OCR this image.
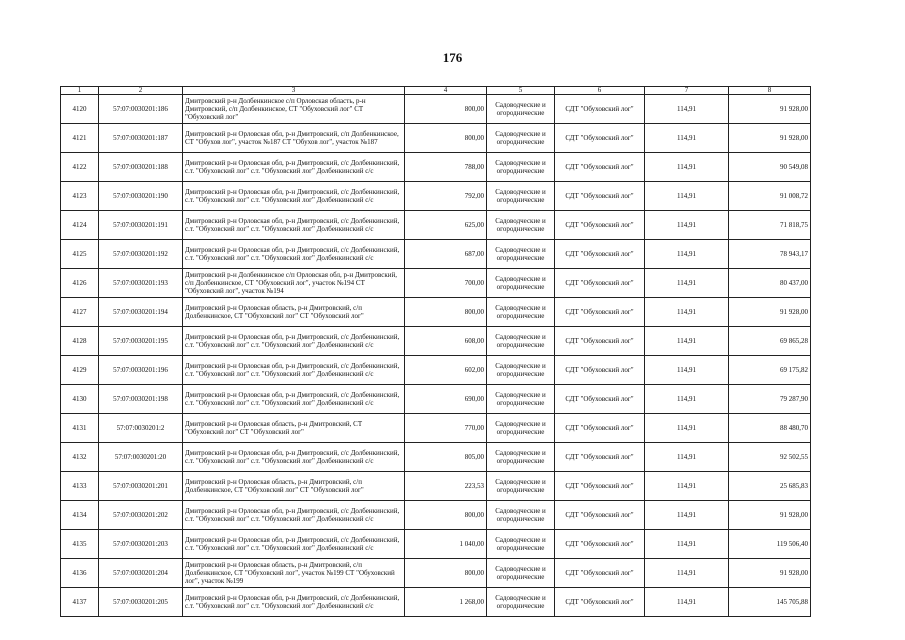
176
1	2	3	4	5	6	7	8
4120	57:07:0030201:186	Дмитровский р-н Долбенкинское с/п Орловская область, р-н Дмитровский, с/п Долбенкинское, СТ "Обуховский лог" СТ "Обуховский лог"	800,00	Садоводческие и огороднические	СДТ "Обуховский лог"	114,91	91 928,00
4121	57:07:0030201:187	Дмитровский р-н Орловская обл, р-н Дмитровский, с/п Долбенкинское, СТ "Обухов лог", участок №187 СТ "Обухов лог", участок №187	800,00	Садоводческие и огороднические	СДТ "Обуховский лог"	114,91	91 928,00
4122	57:07:0030201:188	Дмитровский р-н Орловская обл, р-н Дмитровский, с/с Долбенкинский, с.т. "Обуховский лог" с.т. "Обуховский лог" Долбенкинский с/с	788,00	Садоводческие и огороднические	СДТ "Обуховский лог"	114,91	90 549,08
4123	57:07:0030201:190	Дмитровский р-н Орловская обл, р-н Дмитровский, с/с Долбенкинский, с.т. "Обуховский лог" с.т. "Обуховский лог" Долбенкинский с/с	792,00	Садоводческие и огороднические	СДТ "Обуховский лог"	114,91	91 008,72
4124	57:07:0030201:191	Дмитровский р-н Орловская обл, р-н Дмитровский, с/с Долбенкинский, с.т. "Обуховский лог" с.т. "Обуховский лог" Долбенкинский с/с	625,00	Садоводческие и огороднические	СДТ "Обуховский лог"	114,91	71 818,75
4125	57:07:0030201:192	Дмитровский р-н Орловская обл, р-н Дмитровский, с/с Долбенкинский, с.т. "Обуховский лог" с.т. "Обуховский лог" Долбенкинский с/с	687,00	Садоводческие и огороднические	СДТ "Обуховский лог"	114,91	78 943,17
4126	57:07:0030201:193	Дмитровский р-н Долбенкинское с/п Орловская обл, р-н Дмитровский, с/п Долбенкинское, СТ "Обуховский лог", участок №194 СТ "Обуховский лог", участок №194	700,00	Садоводческие и огороднические	СДТ "Обуховский лог"	114,91	80 437,00
4127	57:07:0030201:194	Дмитровский р-н Орловская область, р-н Дмитровский, с/п Долбенкинское, СТ "Обуховский лог" СТ "Обуховский лог"	800,00	Садоводческие и огороднические	СДТ "Обуховский лог"	114,91	91 928,00
4128	57:07:0030201:195	Дмитровский р-н Орловская обл, р-н Дмитровский, с/с Долбенкинский, с.т. "Обуховский лог" с.т. "Обуховский лог" Долбенкинский с/с	608,00	Садоводческие и огороднические	СДТ "Обуховский лог"	114,91	69 865,28
4129	57:07:0030201:196	Дмитровский р-н Орловская обл, р-н Дмитровский, с/с Долбенкинский, с.т. "Обуховский лог" с.т. "Обуховский лог" Долбенкинский с/с	602,00	Садоводческие и огороднические	СДТ "Обуховский лог"	114,91	69 175,82
4130	57:07:0030201:198	Дмитровский р-н Орловская обл, р-н Дмитровский, с/с Долбенкинский, с.т. "Обуховский лог" с.т. "Обуховский лог" Долбенкинский с/с	690,00	Садоводческие и огороднические	СДТ "Обуховский лог"	114,91	79 287,90
4131	57:07:0030201:2	Дмитровский р-н Орловская область, р-н Дмитровский, СТ "Обуховский лог" СТ "Обуховский лог"	770,00	Садоводческие и огороднические	СДТ "Обуховский лог"	114,91	88 480,70
4132	57:07:0030201:20	Дмитровский р-н Орловская обл, р-н Дмитровский, с/с Долбенкинский, с.т. "Обуховский лог" с.т. "Обуховский лог" Долбенкинский с/с	805,00	Садоводческие и огороднические	СДТ "Обуховский лог"	114,91	92 502,55
4133	57:07:0030201:201	Дмитровский р-н Орловская область, р-н Дмитровский, с/п Долбенкинское, СТ "Обуховский лог" СТ "Обуховский лог"	223,53	Садоводческие и огороднические	СДТ "Обуховский лог"	114,91	25 685,83
4134	57:07:0030201:202	Дмитровский р-н Орловская обл, р-н Дмитровский, с/с Долбенкинский, с.т. "Обуховский лог" с.т. "Обуховский лог" Долбенкинский с/с	800,00	Садоводческие и огороднические	СДТ "Обуховский лог"	114,91	91 928,00
4135	57:07:0030201:203	Дмитровский р-н Орловская обл, р-н Дмитровский, с/с Долбенкинский, с.т. "Обуховский лог" с.т. "Обуховский лог" Долбенкинский с/с	1 040,00	Садоводческие и огороднические	СДТ "Обуховский лог"	114,91	119 506,40
4136	57:07:0030201:204	Дмитровский р-н Орловская область, р-н Дмитровский, с/п Долбенкинское, СТ "Обуховский лог", участок №199 СТ "Обуховский лог", участок №199	800,00	Садоводческие и огороднические	СДТ "Обуховский лог"	114,91	91 928,00
4137	57:07:0030201:205	Дмитровский р-н Орловская обл, р-н Дмитровский, с/с Долбенкинский, с.т. "Обуховский лог" с.т. "Обуховский лог" Долбенкинский с/с	1 268,00	Садоводческие и огороднические	СДТ "Обуховский лог"	114,91	145 705,88
